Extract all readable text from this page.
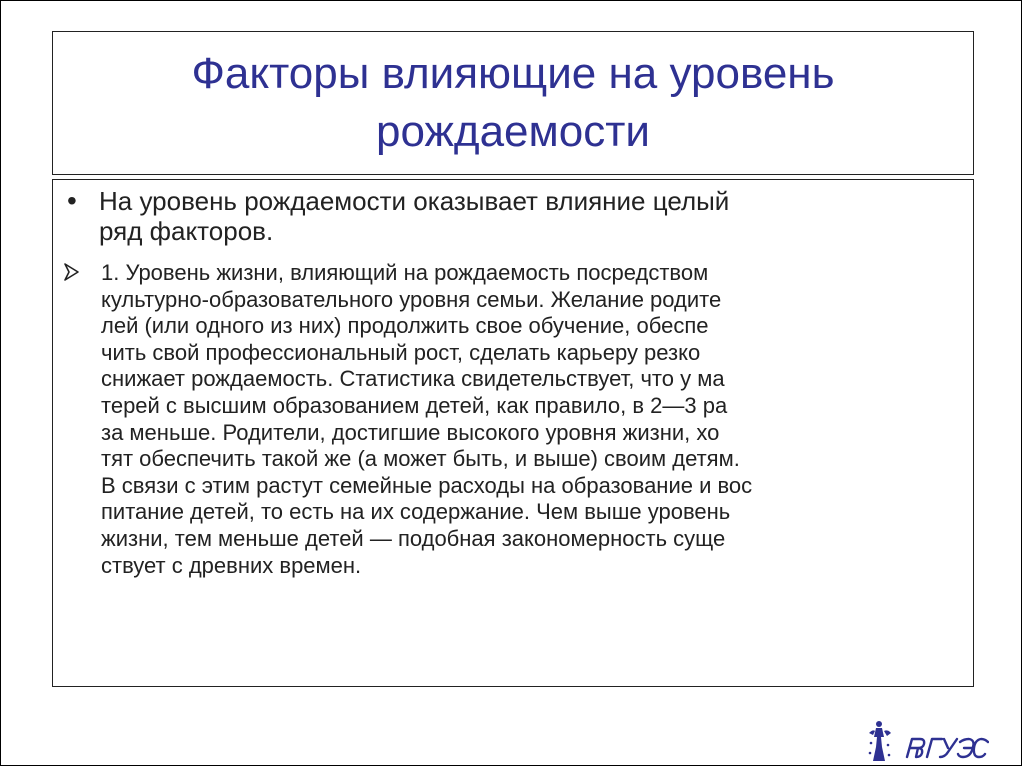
Факторы влияющие на уровень
рождаемости
• На уровень рождаемости оказывает влияние целый
ряд факторов.
1. Уровень жизни, влияющий на рождаемость посредством
культурно-образовательного уровня семьи. Желание родите
лей (или одного из них) продолжить свое обучение, обеспе
чить свой профессиональный рост, сделать карьеру резко
снижает рождаемость. Статистика свидетельствует, что у ма
терей с высшим образованием детей, как правило, в 2—3 ра
за меньше. Родители, достигшие высокого уровня жизни, хо
тят обеспечить такой же (а может быть, и выше) своим детям.
В связи с этим растут семейные расходы на образование и вос
питание детей, то есть на их содержание. Чем выше уровень
жизни, тем меньше детей — подобная закономерность суще
ствует с древних времен.
